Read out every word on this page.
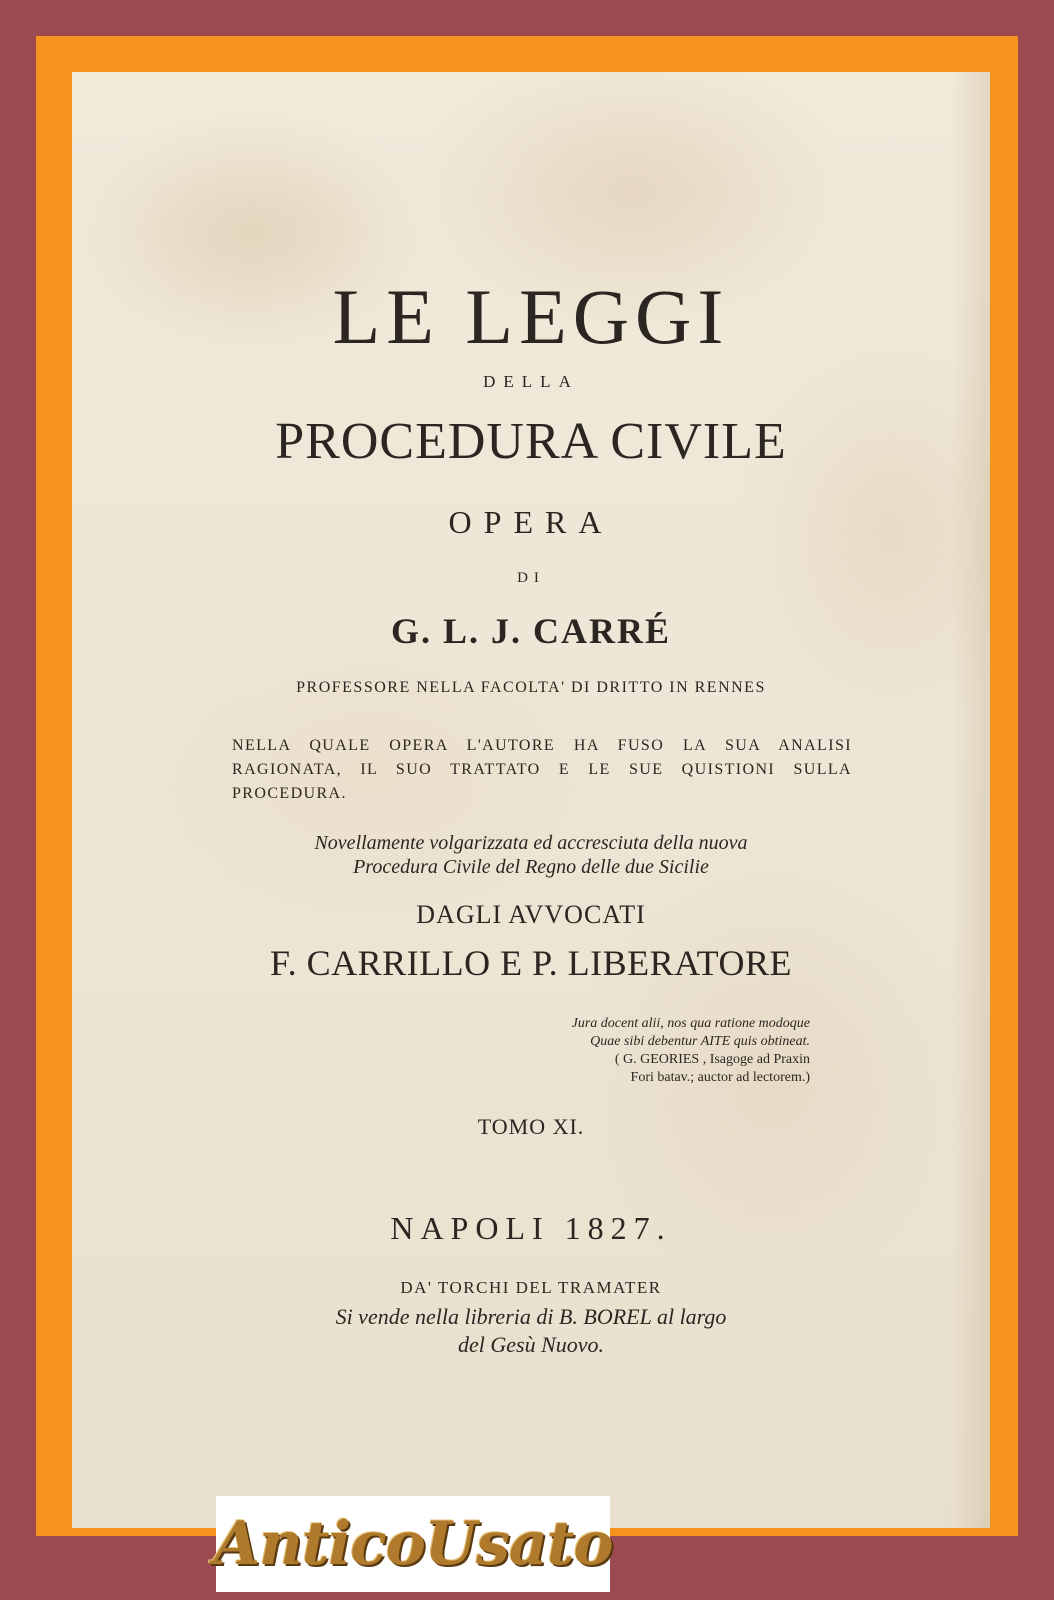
LE LEGGI
DELLA
PROCEDURA CIVILE
OPERA
DI
G. L. J. CARRÉ
PROFESSORE NELLA FACOLTA' DI DRITTO IN RENNES
NELLA QUALE OPERA L'AUTORE HA FUSO LA SUA ANALISI
RAGIONATA, IL SUO TRATTATO E LE SUE QUISTIONI SULLA
PROCEDURA.
Novellamente volgarizzata ed accresciuta della nuova
Procedura Civile del Regno delle due Sicilie
DAGLI AVVOCATI
F. CARRILLO E P. LIBERATORE
Jura docent alii, nos qua ratione modoque
Quae sibi debentur AITE quis obtineat.
( G. GEORIES , Isagoge ad Praxin
Fori batav.; auctor ad lectorem.)
TOMO XI.
NAPOLI 1827.
DA' TORCHI DEL TRAMATER
Si vende nella libreria di B. BOREL al largo
del Gesù Nuovo.
AnticoUsato
